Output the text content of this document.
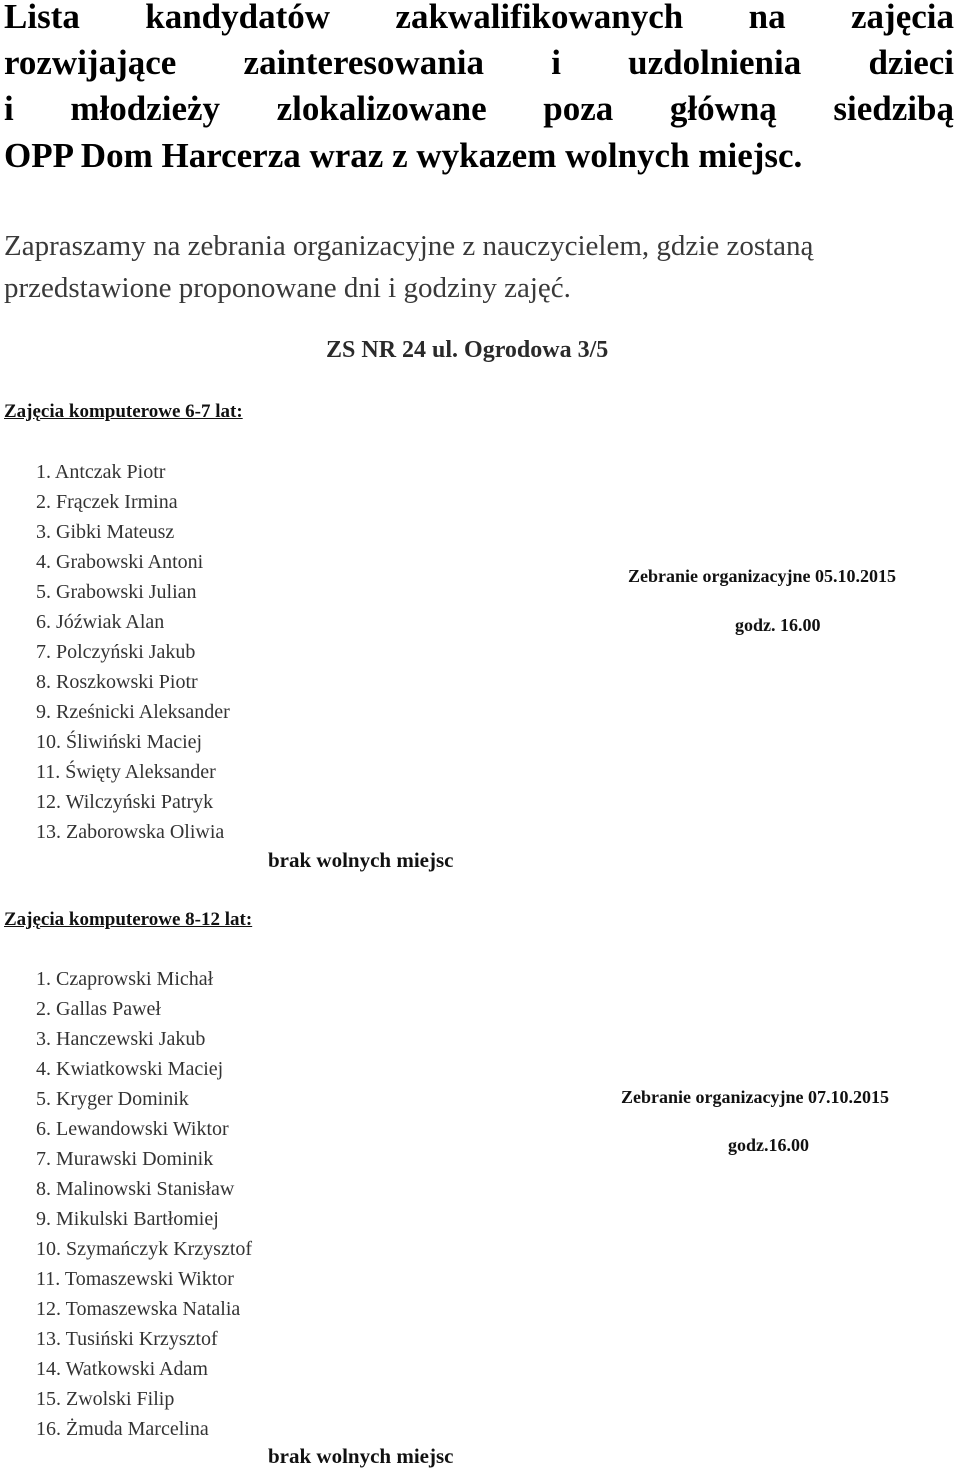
Lista kandydatów zakwalifikowanych na zajęcia
rozwijające zainteresowania i uzdolnienia dzieci
i młodzieży zlokalizowane poza główną siedzibą
OPP Dom Harcerza wraz z wykazem wolnych miejsc.
Zapraszamy na zebrania organizacyjne z nauczycielem, gdzie zostaną
przedstawione proponowane dni i godziny zajęć.
ZS NR 24 ul. Ogrodowa 3/5
Zajęcia komputerowe 6-7 lat:
1. Antczak Piotr
2. Frączek Irmina
3. Gibki Mateusz
4. Grabowski Antoni
5. Grabowski Julian
6. Jóźwiak Alan
7. Polczyński Jakub
8. Roszkowski Piotr
9. Rześnicki Aleksander
10. Śliwiński Maciej
11. Święty Aleksander
12. Wilczyński Patryk
13. Zaborowska Oliwia
Zebranie organizacyjne 05.10.2015
godz. 16.00
brak wolnych miejsc
Zajęcia komputerowe 8-12 lat:
1. Czaprowski Michał
2. Gallas Paweł
3. Hanczewski Jakub
4. Kwiatkowski Maciej
5. Kryger Dominik
6. Lewandowski Wiktor
7. Murawski Dominik
8. Malinowski Stanisław
9. Mikulski Bartłomiej
10. Szymańczyk Krzysztof
11. Tomaszewski Wiktor
12. Tomaszewska Natalia
13. Tusiński Krzysztof
14. Watkowski Adam
15. Zwolski Filip
16. Żmuda Marcelina
Zebranie organizacyjne 07.10.2015
godz.16.00
brak wolnych miejsc
